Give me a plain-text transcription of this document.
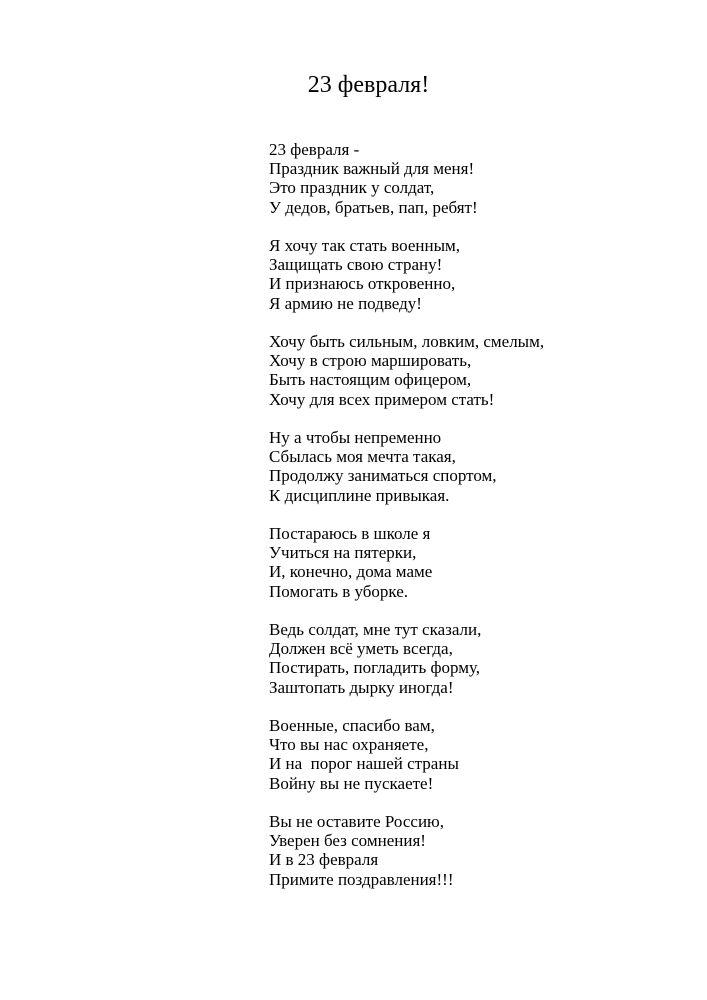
23 февраля!
23 февраля -
Праздник важный для меня!
Это праздник у солдат,
У дедов, братьев, пап, ребят!
Я хочу так стать военным,
Защищать свою страну!
И признаюсь откровенно,
Я армию не подведу!
Хочу быть сильным, ловким, смелым,
Хочу в строю маршировать,
Быть настоящим офицером,
Хочу для всех примером стать!
Ну а чтобы непременно
Сбылась моя мечта такая,
Продолжу заниматься спортом,
К дисциплине привыкая.
Постараюсь в школе я
Учиться на пятерки,
И, конечно, дома маме
Помогать в уборке.
Ведь солдат, мне тут сказали,
Должен всё уметь всегда,
Постирать, погладить форму,
Заштопать дырку иногда!
Военные, спасибо вам,
Что вы нас охраняете,
И на  порог нашей страны
Войну вы не пускаете!
Вы не оставите Россию,
Уверен без сомнения!
И в 23 февраля
Примите поздравления!!!
